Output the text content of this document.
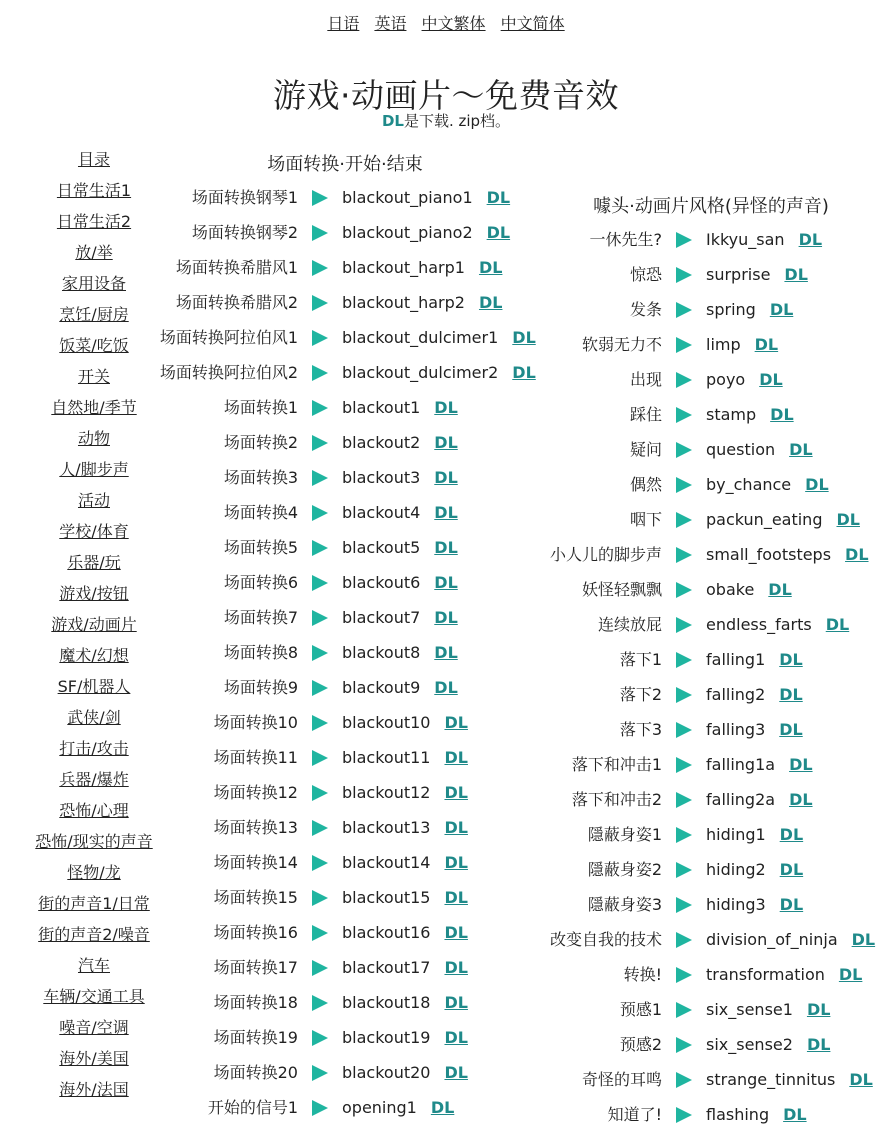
日语 英语 中文繁体 中文简体
游戏·动画片～免费音效
DL是下载. zip档。
目录
日常生活1
日常生活2
放/举
家用设备
烹饪/厨房
饭菜/吃饭
开关
自然地/季节
动物
人/脚步声
活动
学校/体育
乐器/玩
游戏/按钮
游戏/动画片
魔术/幻想
SF/机器人
武侠/剑
打击/攻击
兵器/爆炸
恐怖/心理
恐怖/现实的声音
怪物/龙
街的声音1/日常
街的声音2/噪音
汽车
车辆/交通工具
噪音/空调
海外/美国
海外/法国
场面转换·开始·结束
噱头·动画片风格(异怪的声音)
场面转换钢琴1	blackout_piano1 DL
场面转换钢琴2	blackout_piano2 DL
场面转换希腊风1	blackout_harp1 DL
场面转换希腊风2	blackout_harp2 DL
场面转换阿拉伯风1	blackout_dulcimer1 DL
场面转换阿拉伯风2	blackout_dulcimer2 DL
场面转换1	blackout1 DL
场面转换2	blackout2 DL
场面转换3	blackout3 DL
场面转换4	blackout4 DL
场面转换5	blackout5 DL
场面转换6	blackout6 DL
场面转换7	blackout7 DL
场面转换8	blackout8 DL
场面转换9	blackout9 DL
场面转换10	blackout10 DL
场面转换11	blackout11 DL
场面转换12	blackout12 DL
场面转换13	blackout13 DL
场面转换14	blackout14 DL
场面转换15	blackout15 DL
场面转换16	blackout16 DL
场面转换17	blackout17 DL
场面转换18	blackout18 DL
场面转换19	blackout19 DL
场面转换20	blackout20 DL
开始的信号1	opening1 DL
一休先生?	Ikkyu_san DL
惊恐	surprise DL
发条	spring DL
软弱无力不	limp DL
出现	poyo DL
踩住	stamp DL
疑问	question DL
偶然	by_chance DL
咽下	packun_eating DL
小人儿的脚步声	small_footsteps DL
妖怪轻飘飘	obake DL
连续放屁	endless_farts DL
落下1	falling1 DL
落下2	falling2 DL
落下3	falling3 DL
落下和冲击1	falling1a DL
落下和冲击2	falling2a DL
隱蔽身姿1	hiding1 DL
隱蔽身姿2	hiding2 DL
隱蔽身姿3	hiding3 DL
改变自我的技术	division_of_ninja DL
转换!	transformation DL
预感1	six_sense1 DL
预感2	six_sense2 DL
奇怪的耳鸣	strange_tinnitus DL
知道了!	flashing DL
